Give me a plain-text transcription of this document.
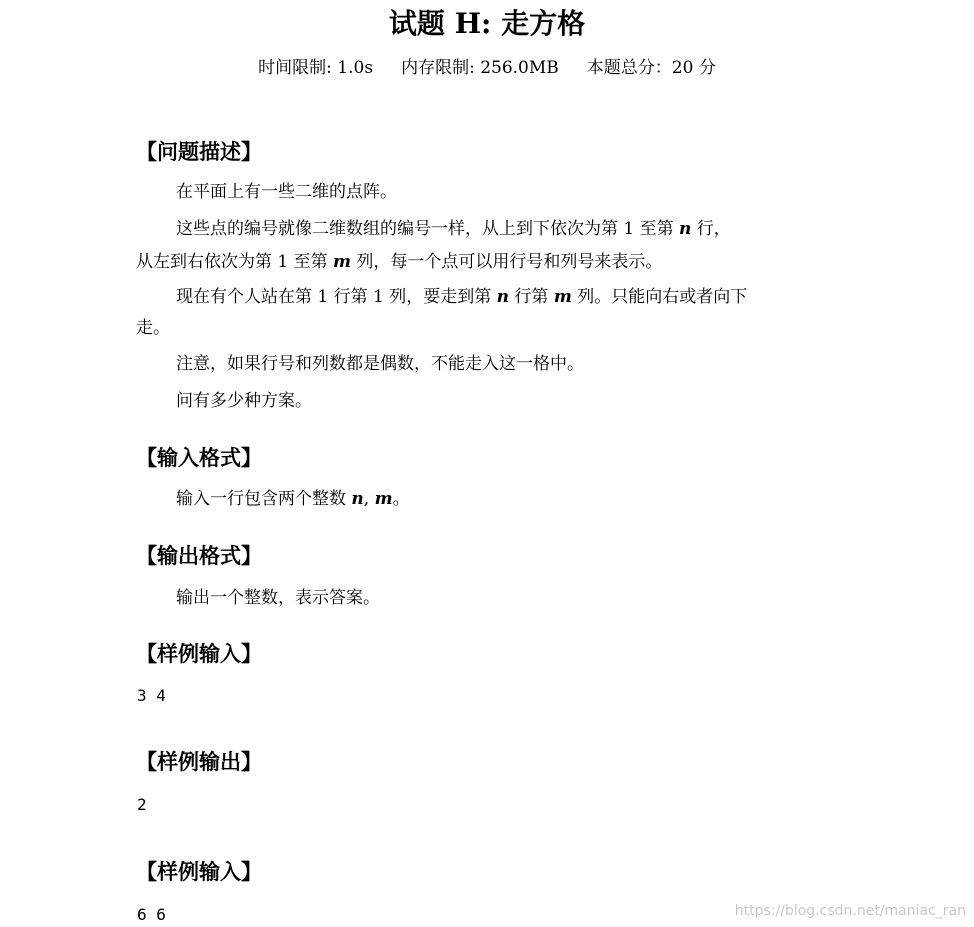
试题 H: 走方格
时间限制: 1.0s 内存限制: 256.0MB 本题总分：20 分
【问题描述】
在平面上有一些二维的点阵。
这些点的编号就像二维数组的编号一样，从上到下依次为第 1 至第 n 行，
从左到右依次为第 1 至第 m 列，每一个点可以用行号和列号来表示。
现在有个人站在第 1 行第 1 列，要走到第 n 行第 m 列。只能向右或者向下
走。
注意，如果行号和列数都是偶数，不能走入这一格中。
问有多少种方案。
【输入格式】
输入一行包含两个整数 n, m。
【输出格式】
输出一个整数，表示答案。
【样例输入】
3 4
【样例输出】
2
【样例输入】
6 6	https://blog.csdn.net/maniac_ran
